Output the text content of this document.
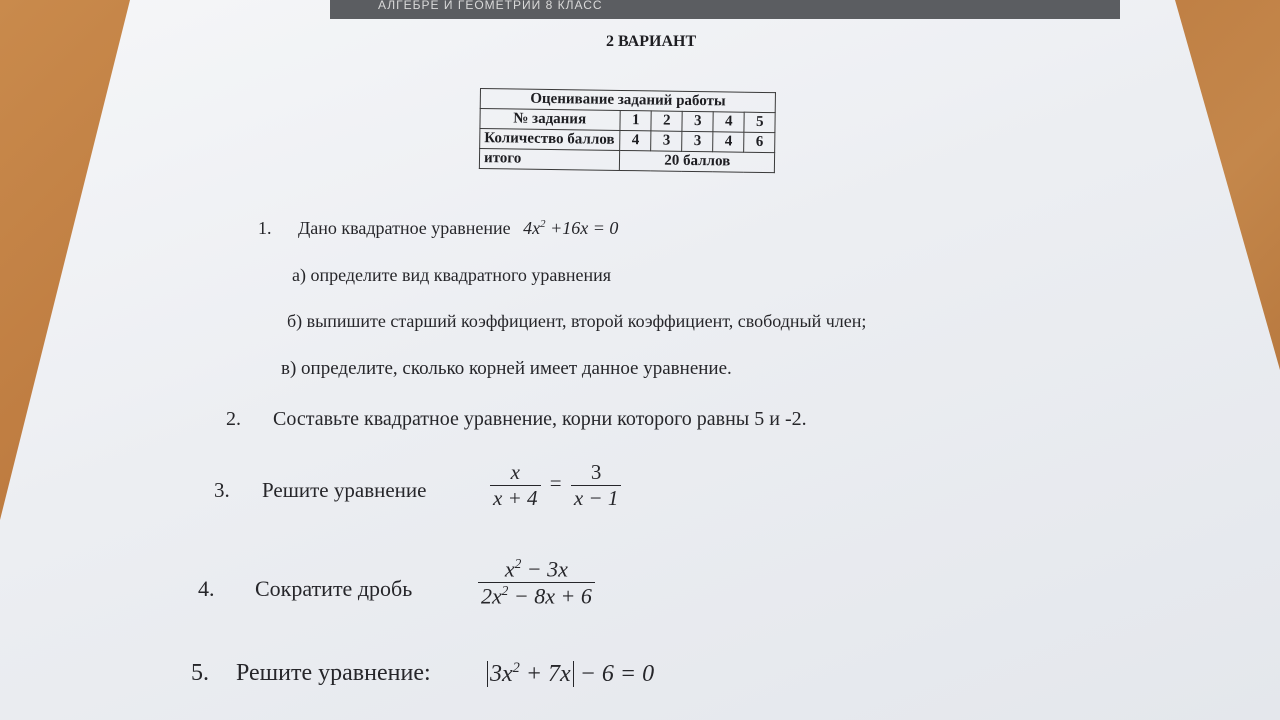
АЛГЕБРЕ И ГЕОМЕТРИИ 8 КЛАСС
2 ВАРИАНТ
Оценивание заданий работы					
№ задания	1	2	3	4	5
Количество баллов	4	3	3	4	6
итого	20 баллов				
1. Дано квадратное уравнение $4x^2 +16x = 0$
а) определите вид квадратного уравнения
б) выпишите старший коэффициент, второй коэффициент, свободный член;
в) определите, сколько корней имеет данное уравнение.
2. Составьте квадратное уравнение, корни которого равны 5 и -2.
3. Решите уравнение	$\frac{x}{x + 4} = \frac{3}{x - 1}$
4. Сократите дробь	$\frac{x^2 - 3x}{2x^2 - 8x + 6}$
5. Решите уравнение: $3x^2 + 7x - 6 = 0$
